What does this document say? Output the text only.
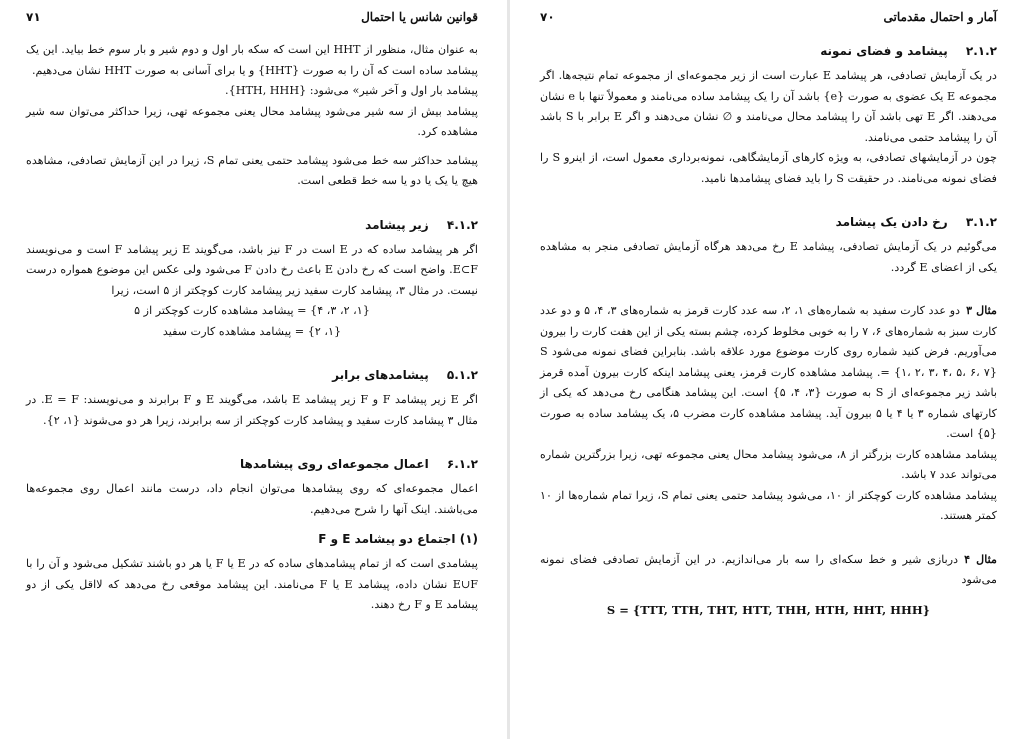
قوانین شانس یا احتمال
۷۱

به عنوان مثال، منظور از HHT این است که سکه بار اول و دوم شیر و بار سوم خط بیاید. این یک پیشامد ساده است که آن را به صورت {HHT} و یا برای آسانی به صورت HHT نشان می‌دهیم.

پیشامد بار اول و آخر شیر» می‌شود: {HTH, HHH}.

پیشامد بیش از سه شیر می‌شود پیشامد محال یعنی مجموعه تهی، زیرا حداکثر می‌توان سه شیر مشاهده کرد.

پیشامد حداکثر سه خط می‌شود پیشامد حتمی یعنی تمام S، زیرا در این آزمایش تصادفی، مشاهده هیچ یا یک یا دو یا سه خط قطعی است.

۴.۱.۲ زیر پیشامد

اگر هر پیشامد ساده که در E است در F نیز باشد، می‌گویند E زیر پیشامد F است و می‌نویسند E⊂F. واضح است که رخ دادن E باعث رخ دادن F می‌شود ولی عکس این موضوع همواره درست نیست. در مثال ۳، پیشامد کارت سفید زیر پیشامد کارت کوچکتر از ۵ است، زیرا

{۱، ۲، ۳، ۴} = پیشامد مشاهده کارت کوچکتر از ۵
{۱، ۲} = پیشامد مشاهده کارت سفید
۵.۱.۲ پیشامدهای برابر

اگر E زیر پیشامد F و F زیر پیشامد E باشد، می‌گویند E و F برابرند و می‌نویسند: E = F. در مثال ۳ پیشامد کارت سفید و پیشامد کارت کوچکتر از سه برابرند، زیرا هر دو می‌شوند {۱، ۲}.

۶.۱.۲ اعمال مجموعه‌ای روی پیشامدها

اعمال مجموعه‌ای که روی پیشامدها می‌توان انجام داد، درست مانند اعمال روی مجموعه‌ها می‌باشند. اینک آنها را شرح می‌دهیم.

(۱) اجتماع دو پیشامد E و F

پیشامدی است که از تمام پیشامدهای ساده که در E یا F یا هر دو باشند تشکیل می‌شود و آن را با E∪F نشان داده، پیشامد E یا F می‌نامند. این پیشامد موقعی رخ می‌دهد که لااقل یکی از دو پیشامد E و F رخ دهند.

آمار و احتمال مقدماتی
۷۰
۲.۱.۲ پیشامد و فضای نمونه

در یک آزمایش تصادفی، هر پیشامد E عبارت است از زیر مجموعه‌ای از مجموعه تمام نتیجه‌ها. اگر مجموعه E یک عضوی به صورت {e} باشد آن را یک پیشامد ساده می‌نامند و معمولاً تنها با e نشان می‌دهند. اگر E تهی باشد آن را پیشامد محال می‌نامند و ∅ نشان می‌دهند و اگر E برابر با S باشد آن را پیشامد حتمی می‌نامند.

چون در آزمایشهای تصادفی، به ویژه کارهای آزمایشگاهی، نمونه‌برداری معمول است، از اینرو S را فضای نمونه می‌نامند. در حقیقت S را باید فضای پیشامدها نامید.

۳.۱.۲ رخ دادن یک پیشامد

می‌گوئیم در یک آزمایش تصادفی، پیشامد E رخ می‌دهد هرگاه آزمایش تصادفی منجر به مشاهده یکی از اعضای E گردد.

مثال ۳دو عدد کارت سفید به شماره‌های ۱، ۲، سه عدد کارت قرمز به شماره‌های ۳، ۴، ۵ و دو عدد کارت سبز به شماره‌های ۶، ۷ را به خوبی مخلوط کرده، چشم بسته یکی از این هفت کارت را بیرون می‌آوریم. فرض کنید شماره روی کارت موضوع مورد علاقه باشد. بنابراین فضای نمونه می‌شود S = {۱، ۲، ۳، ۴، ۵، ۶، ۷}. پیشامد مشاهده کارت قرمز، یعنی پیشامد اینکه کارت بیرون آمده قرمز باشد زیر مجموعه‌ای از S به صورت {۳، ۴، ۵} است. این پیشامد هنگامی رخ می‌دهد که یکی از کارتهای شماره ۳ یا ۴ یا ۵ بیرون آید. پیشامد مشاهده کارت مضرب ۵، یک پیشامد ساده به صورت {۵} است.

پیشامد مشاهده کارت بزرگتر از ۸، می‌شود پیشامد محال یعنی مجموعه تهی، زیرا بزرگترین شماره می‌تواند عدد ۷ باشد.

پیشامد مشاهده کارت کوچکتر از ۱۰، می‌شود پیشامد حتمی یعنی تمام S، زیرا تمام شماره‌ها از ۱۰ کمتر هستند.

مثال ۴دربازی شیر و خط سکه‌ای را سه بار می‌اندازیم. در این آزمایش تصادفی فضای نمونه می‌شود

S = {TTT, TTH, THT, HTT, THH, HTH, HHT, HHH}
